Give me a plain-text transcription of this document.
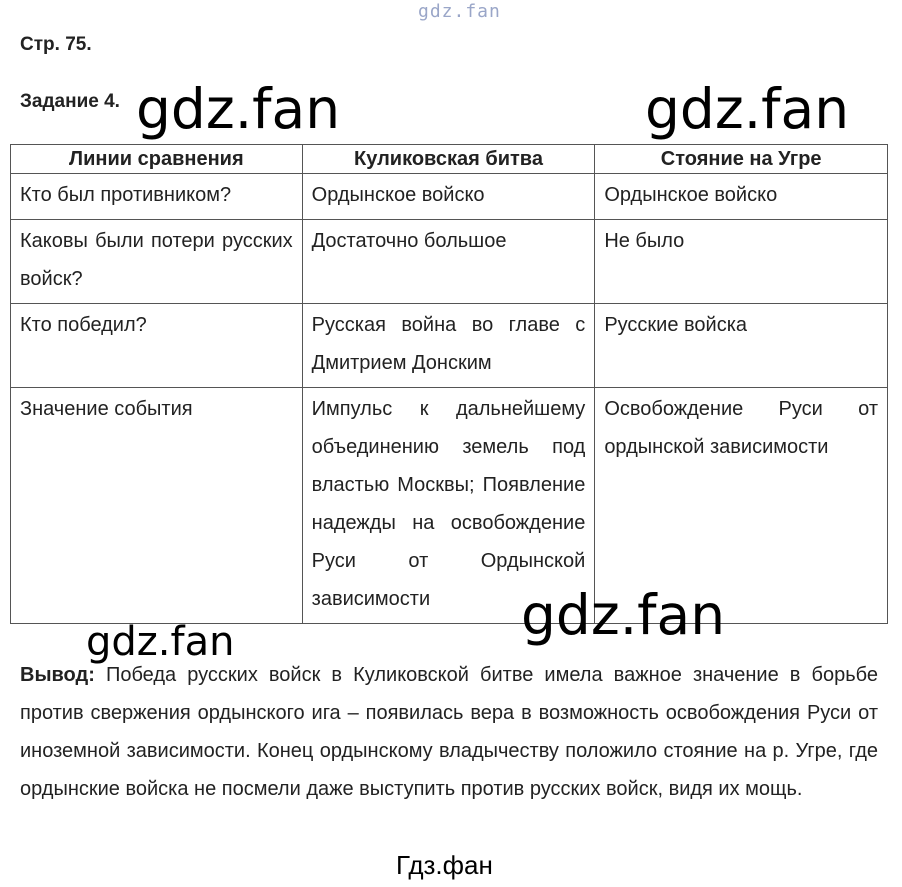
gdz.fan
Стр. 75.
Задание 4. gdz.fan	gdz.fan
Линии сравнения	Куликовская битва	Стояние на Угре
Кто был противником?	Ордынское войско	Ордынское войско
Каковы были потери русских войск?	Достаточно большое	Не было
Кто победил?	Русская война во главе с Дмитрием Донским	Русские войска
Значение события	Импульс к дальнейшему объединению земель под властью Москвы; Появление надежды на освобождение Руси от Ордынской зависимости	Освобождение Руси от ордынской зависимости
gdz.fan
gdz.fan
Вывод: Победа русских войск в Куликовской битве имела важное значение в борьбе против свержения ордынского ига – появилась вера в возможность освобождения Руси от иноземной зависимости. Конец ордынскому владычеству положило стояние на р. Угре, где ордынские войска не посмели даже выступить против русских войск, видя их мощь.
Гдз.фан
